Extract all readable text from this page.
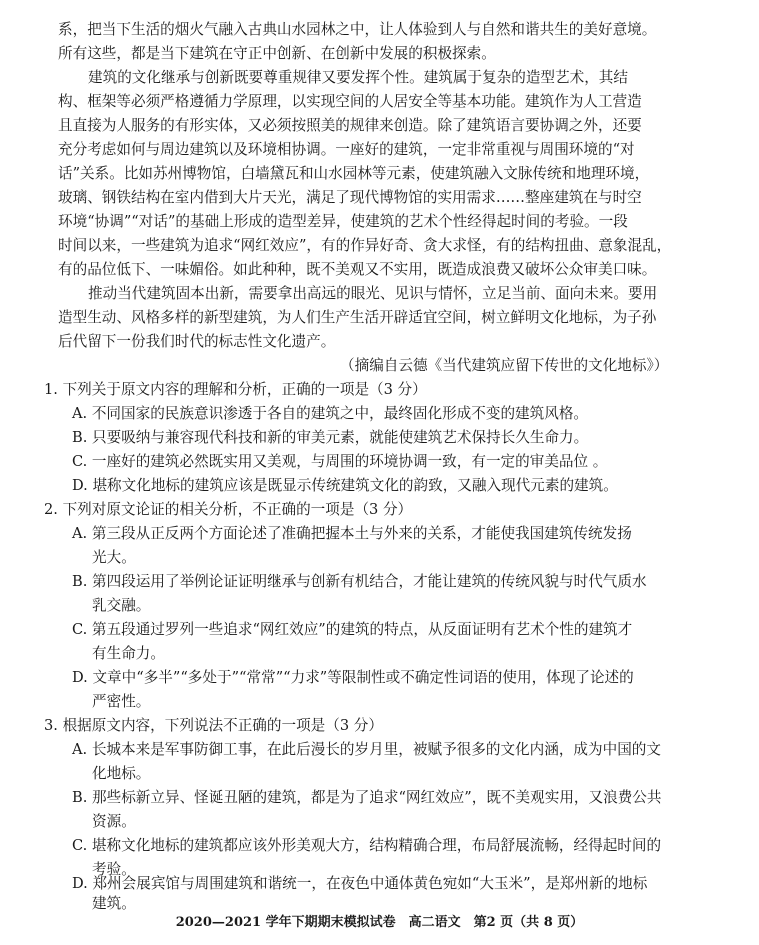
系，把当下生活的烟火气融入古典山水园林之中，让人体验到人与自然和谐共生的美好意境。
所有这些，都是当下建筑在守正中创新、在创新中发展的积极探索。
建筑的文化继承与创新既要尊重规律又要发挥个性。建筑属于复杂的造型艺术，其结
构、框架等必须严格遵循力学原理，以实现空间的人居安全等基本功能。建筑作为人工营造
且直接为人服务的有形实体，又必须按照美的规律来创造。除了建筑语言要协调之外，还要
充分考虑如何与周边建筑以及环境相协调。一座好的建筑，一定非常重视与周围环境的“对
话”关系。比如苏州博物馆，白墙黛瓦和山水园林等元素，使建筑融入文脉传统和地理环境，
玻璃、钢铁结构在室内借到大片天光，满足了现代博物馆的实用需求……整座建筑在与时空
环境“协调”“对话”的基础上形成的造型差异，使建筑的艺术个性经得起时间的考验。一段
时间以来，一些建筑为追求“网红效应”，有的作异好奇、贪大求怪，有的结构扭曲、意象混乱，
有的品位低下、一味媚俗。如此种种，既不美观又不实用，既造成浪费又破坏公众审美口味。
推动当代建筑固本出新，需要拿出高远的眼光、见识与情怀，立足当前、面向未来。要用
造型生动、风格多样的新型建筑，为人们生产生活开辟适宜空间，树立鲜明文化地标，为子孙
后代留下一份我们时代的标志性文化遗产。
（摘编自云德《当代建筑应留下传世的文化地标》）
1. 下列关于原文内容的理解和分析，正确的一项是（3 分）
A. 不同国家的民族意识渗透于各自的建筑之中，最终固化形成不变的建筑风格。
B. 只要吸纳与兼容现代科技和新的审美元素，就能使建筑艺术保持长久生命力。
C. 一座好的建筑必然既实用又美观，与周围的环境协调一致，有一定的审美品位 。
D. 堪称文化地标的建筑应该是既显示传统建筑文化的韵致，又融入现代元素的建筑。
2. 下列对原文论证的相关分析，不正确的一项是（3 分）
A. 第三段从正反两个方面论述了准确把握本土与外来的关系，才能使我国建筑传统发扬
光大。
B. 第四段运用了举例论证证明继承与创新有机结合，才能让建筑的传统风貌与时代气质水
乳交融。
C. 第五段通过罗列一些追求“网红效应”的建筑的特点，从反面证明有艺术个性的建筑才
有生命力。
D. 文章中“多半”“多处于”“常常”“力求”等限制性或不确定性词语的使用，体现了论述的
严密性。
3. 根据原文内容，下列说法不正确的一项是（3 分）
A. 长城本来是军事防御工事，在此后漫长的岁月里，被赋予很多的文化内涵，成为中国的文
化地标。
B. 那些标新立异、怪诞丑陋的建筑，都是为了追求“网红效应”，既不美观实用，又浪费公共
资源。
C. 堪称文化地标的建筑都应该外形美观大方，结构精确合理，布局舒展流畅，经得起时间的
考验。
D. 郑州会展宾馆与周围建筑和谐统一，在夜色中通体黄色宛如“大玉米”，是郑州新的地标
建筑。
2020—2021 学年下期期末模拟试卷　高二语文　第2 页（共 8 页）
